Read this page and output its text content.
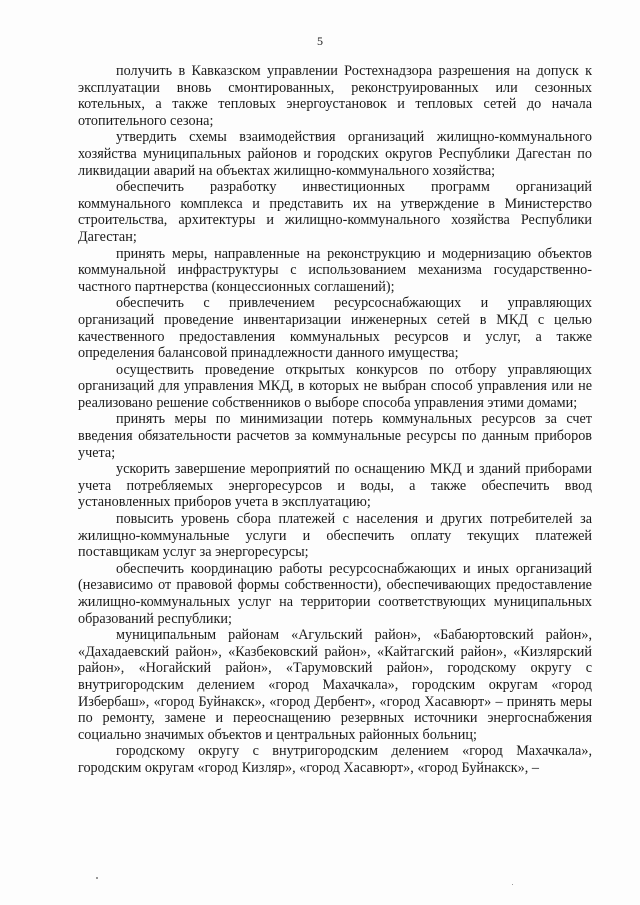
5

получить в Кавказском управлении Ростехнадзора разрешения на допуск к эксплуатации вновь смонтированных, реконструированных или сезонных котельных, а также тепловых энергоустановок и тепловых сетей до начала отопительного сезона;

утвердить схемы взаимодействия организаций жилищно-коммунального хозяйства муниципальных районов и городских округов Республики Дагестан по ликвидации аварий на объектах жилищно-коммунального хозяйства;

обеспечить разработку инвестиционных программ организаций коммунального комплекса и представить их на утверждение в Министерство строительства, архитектуры и жилищно-коммунального хозяйства Республики Дагестан;

принять меры, направленные на реконструкцию и модернизацию объектов коммунальной инфраструктуры с использованием механизма государственно-частного партнерства (концессионных соглашений);

обеспечить с привлечением ресурсоснабжающих и управляющих организаций проведение инвентаризации инженерных сетей в МКД с целью качественного предоставления коммунальных ресурсов и услуг, а также определения балансовой принадлежности данного имущества;

осуществить проведение открытых конкурсов по отбору управляющих организаций для управления МКД, в которых не выбран способ управления или не реализовано решение собственников о выборе способа управления этими домами;

принять меры по минимизации потерь коммунальных ресурсов за счет введения обязательности расчетов за коммунальные ресурсы по данным приборов учета;

ускорить завершение мероприятий по оснащению МКД и зданий приборами учета потребляемых энергоресурсов и воды, а также обеспечить ввод установленных приборов учета в эксплуатацию;

повысить уровень сбора платежей с населения и других потребителей за жилищно-коммунальные услуги и обеспечить оплату текущих платежей поставщикам услуг за энергоресурсы;

обеспечить координацию работы ресурсоснабжающих и иных организаций (независимо от правовой формы собственности), обеспечивающих предоставление жилищно-коммунальных услуг на территории соответствующих муниципальных образований республики;

муниципальным районам «Агульский район», «Бабаюртовский район», «Дахадаевский район», «Казбековский район», «Кайтагский район», «Кизлярский район», «Ногайский район», «Тарумовский район», городскому округу с внутригородским делением «город Махачкала», городским округам «город Избербаш», «город Буйнакск», «город Дербент», «город Хасавюрт» – принять меры по ремонту, замене и переоснащению резервных источники энергоснабжения социально значимых объектов и центральных районных больниц;

городскому округу с внутригородским делением «город Махачкала», городским округам «город Кизляр», «город Хасавюрт», «город Буйнакск», –
